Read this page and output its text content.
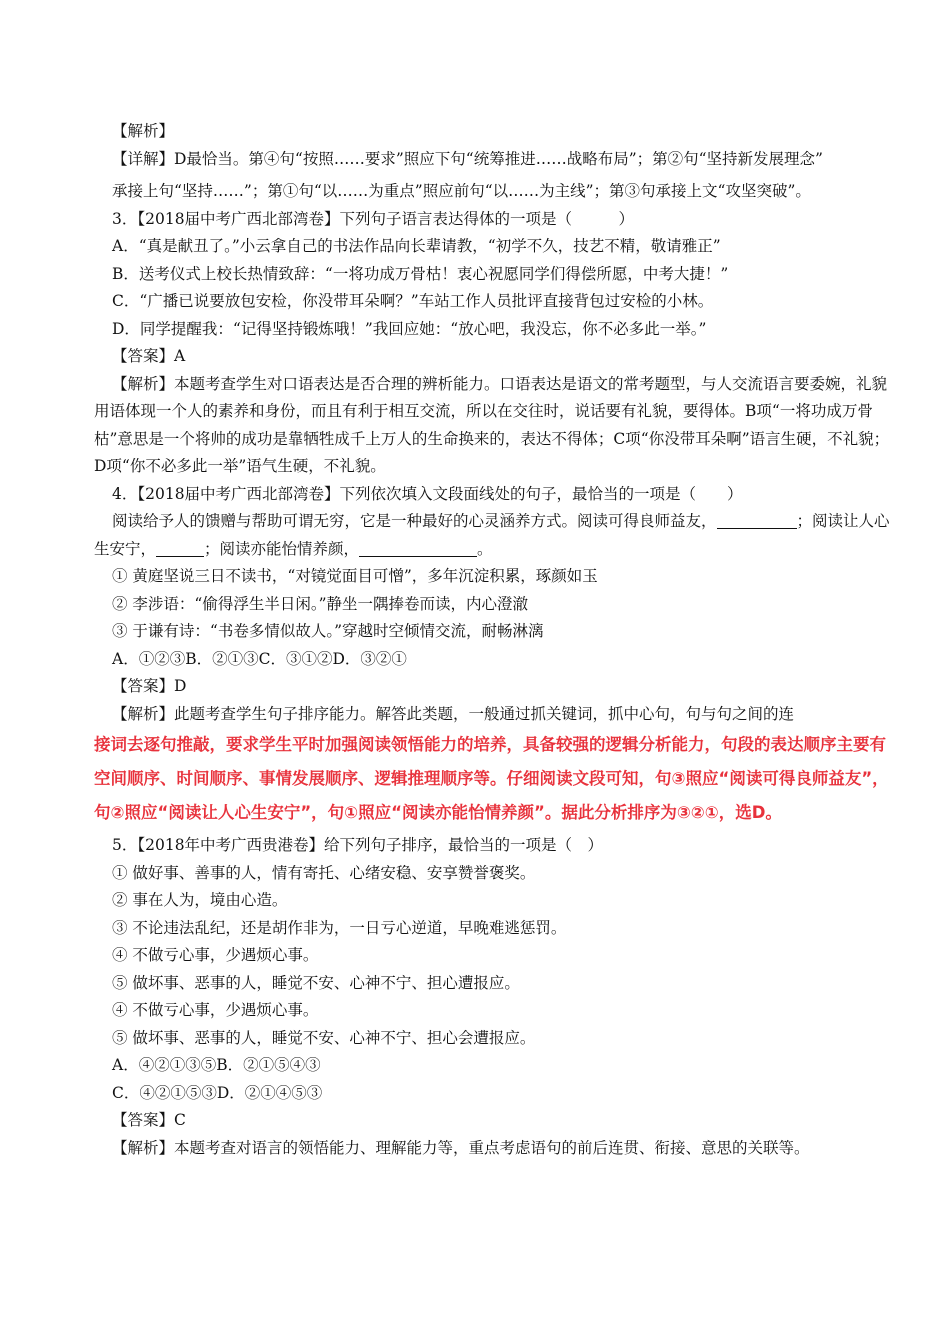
【解析】

【详解】D最恰当。第④句“按照……要求”照应下句“统筹推进……战略布局”；第②句“坚持新发展理念”

承接上句“坚持……”；第①句“以……为重点”照应前句“以……为主线”；第③句承接上文“攻坚突破”。

3．【2018届中考广西北部湾卷】下列句子语言表达得体的一项是（　　　）

A．“真是献丑了。”小云拿自己的书法作品向长辈请教，“初学不久，技艺不精，敬请雅正”

B．送考仪式上校长热情致辞：“一将功成万骨枯！衷心祝愿同学们得偿所愿，中考大捷！”

C．“广播已说要放包安检，你没带耳朵啊？”车站工作人员批评直接背包过安检的小林。

D．同学提醒我：“记得坚持锻炼哦！”我回应她：“放心吧，我没忘，你不必多此一举。”

【答案】A

【解析】本题考查学生对口语表达是否合理的辨析能力。口语表达是语文的常考题型，与人交流语言要委婉，礼貌用语体现一个人的素养和身份，而且有利于相互交流，所以在交往时，说话要有礼貌，要得体。B项“一将功成万骨枯”意思是一个将帅的成功是靠牺牲成千上万人的生命换来的，表达不得体；C项“你没带耳朵啊”语言生硬，不礼貌；D项“你不必多此一举”语气生硬，不礼貌。

4．【2018届中考广西北部湾卷】下列依次填入文段面线处的句子，最恰当的一项是（　　）

阅读给予人的馈赠与帮助可谓无穷，它是一种最好的心灵涵养方式。阅读可得良师益友，	；阅读让人心生安宁，	；阅读亦能怡情养颜，	。

① 黄庭坚说三日不读书，“对镜觉面目可憎”，多年沉淀积累，琢颜如玉

② 李涉语：“偷得浮生半日闲。”静坐一隅捧卷而读，内心澄澈

③ 于谦有诗：“书卷多情似故人。”穿越时空倾情交流，耐畅淋漓

A．①②③B．②①③C．③①②D．③②①

【答案】D

【解析】此题考查学生句子排序能力。解答此类题，一般通过抓关键词，抓中心句，句与句之间的连

接词去逐句推敲，要求学生平时加强阅读领悟能力的培养，具备较强的逻辑分析能力，句段的表达顺序主要有空间顺序、时间顺序、事情发展顺序、逻辑推理顺序等。仔细阅读文段可知，句③照应“阅读可得良师益友”，句②照应“阅读让人心生安宁”，句①照应“阅读亦能怡情养颜”。据此分析排序为③②①，选D。

5．【2018年中考广西贵港卷】给下列句子排序，最恰当的一项是（　）

① 做好事、善事的人，情有寄托、心绪安稳、安享赞誉褒奖。

② 事在人为，境由心造。

③ 不论违法乱纪，还是胡作非为，一日亏心逆道，早晚难逃惩罚。

④ 不做亏心事，少遇烦心事。

⑤ 做坏事、恶事的人，睡觉不安、心神不宁、担心遭报应。

④ 不做亏心事，少遇烦心事。

⑤ 做坏事、恶事的人，睡觉不安、心神不宁、担心会遭报应。

A．④②①③⑤B．②①⑤④③

C．④②①⑤③D．②①④⑤③

【答案】C

【解析】本题考查对语言的领悟能力、理解能力等，重点考虑语句的前后连贯、衔接、意思的关联等。
